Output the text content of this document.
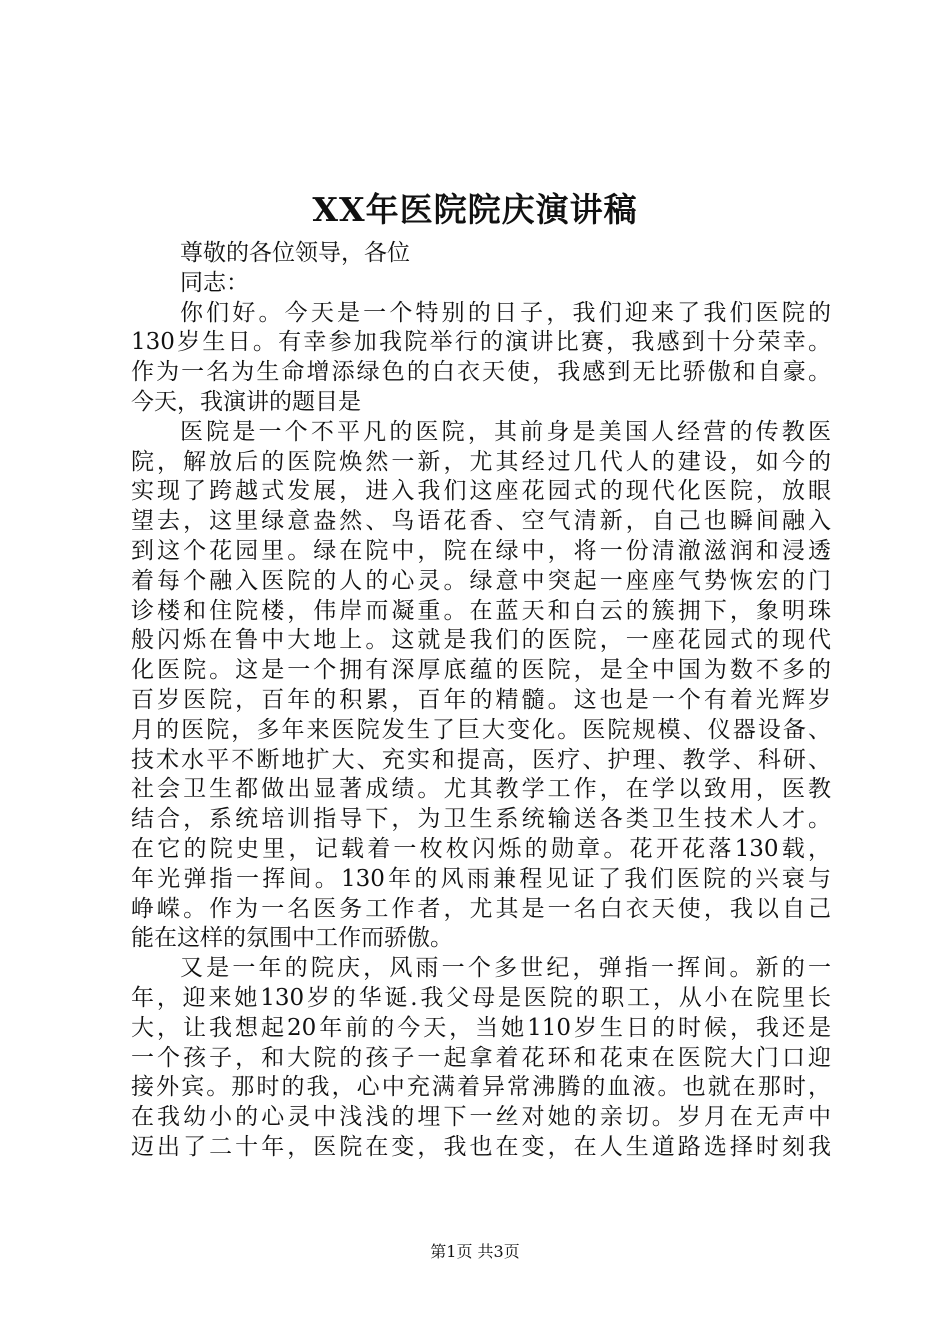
XX年医院院庆演讲稿
尊敬的各位领导，各位
同志：
你们好。今天是一个特别的日子，我们迎来了我们医院的
130岁生日。有幸参加我院举行的演讲比赛，我感到十分荣幸。
作为一名为生命增添绿色的白衣天使，我感到无比骄傲和自豪。
今天，我演讲的题目是
医院是一个不平凡的医院，其前身是美国人经营的传教医
院，解放后的医院焕然一新，尤其经过几代人的建设，如今的
实现了跨越式发展，进入我们这座花园式的现代化医院，放眼
望去，这里绿意盎然、鸟语花香、空气清新，自己也瞬间融入
到这个花园里。绿在院中，院在绿中，将一份清澈滋润和浸透
着每个融入医院的人的心灵。绿意中突起一座座气势恢宏的门
诊楼和住院楼，伟岸而凝重。在蓝天和白云的簇拥下，象明珠
般闪烁在鲁中大地上。这就是我们的医院，一座花园式的现代
化医院。这是一个拥有深厚底蕴的医院，是全中国为数不多的
百岁医院，百年的积累，百年的精髓。这也是一个有着光辉岁
月的医院，多年来医院发生了巨大变化。医院规模、仪器设备、
技术水平不断地扩大、充实和提高，医疗、护理、教学、科研、
社会卫生都做出显著成绩。尤其教学工作，在学以致用，医教
结合，系统培训指导下，为卫生系统输送各类卫生技术人才。
在它的院史里，记载着一枚枚闪烁的勋章。花开花落130载，
年光弹指一挥间。130年的风雨兼程见证了我们医院的兴衰与
峥嵘。作为一名医务工作者，尤其是一名白衣天使，我以自己
能在这样的氛围中工作而骄傲。
又是一年的院庆，风雨一个多世纪，弹指一挥间。新的一
年，迎来她130岁的华诞.我父母是医院的职工，从小在院里长
大，让我想起20年前的今天，当她110岁生日的时候，我还是
一个孩子，和大院的孩子一起拿着花环和花束在医院大门口迎
接外宾。那时的我，心中充满着异常沸腾的血液。也就在那时，
在我幼小的心灵中浅浅的埋下一丝对她的亲切。岁月在无声中
迈出了二十年，医院在变，我也在变，在人生道路选择时刻我
第1页 共3页
